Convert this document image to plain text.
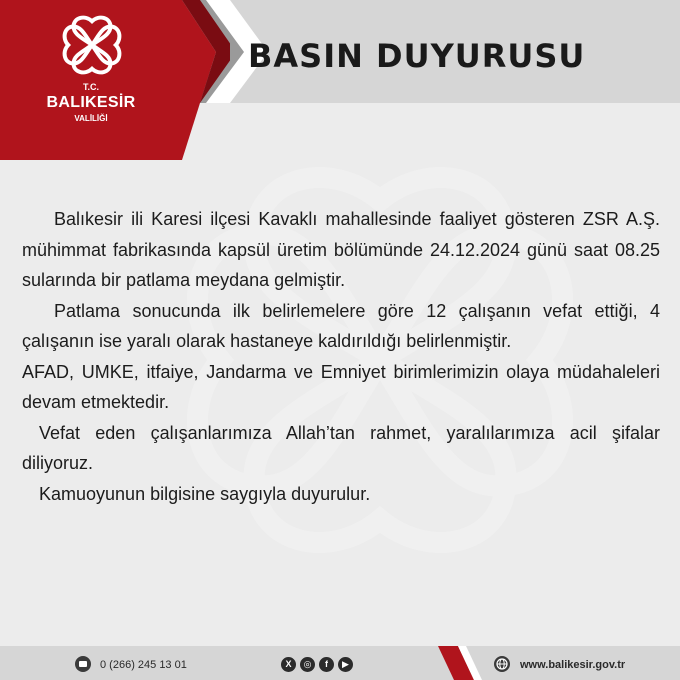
T.C.
BALIKESİR
VALİLİĞİ
BASIN DUYURUSU

Balıkesir ili Karesi ilçesi Kavaklı mahallesinde faaliyet gösteren ZSR A.Ş. mühimmat fabrikasında kapsül üretim bölümünde 24.12.2024 günü saat 08.25 sularında bir patlama meydana gelmiştir.

Patlama sonucunda ilk belirlemelere göre 12 çalışanın vefat ettiği, 4 çalışanın ise yaralı olarak hastaneye kaldırıldığı belirlenmiştir.

AFAD, UMKE, itfaiye, Jandarma ve Emniyet birimlerimizin olaya müdahaleleri devam etmektedir.

Vefat eden çalışanlarımıza Allah’tan rahmet, yaralılarımıza acil şifalar diliyoruz.

Kamuoyunun bilgisine saygıyla duyurulur.

0 (266) 245 13 01	X	◎	f	▶	www.balikesir.gov.tr
